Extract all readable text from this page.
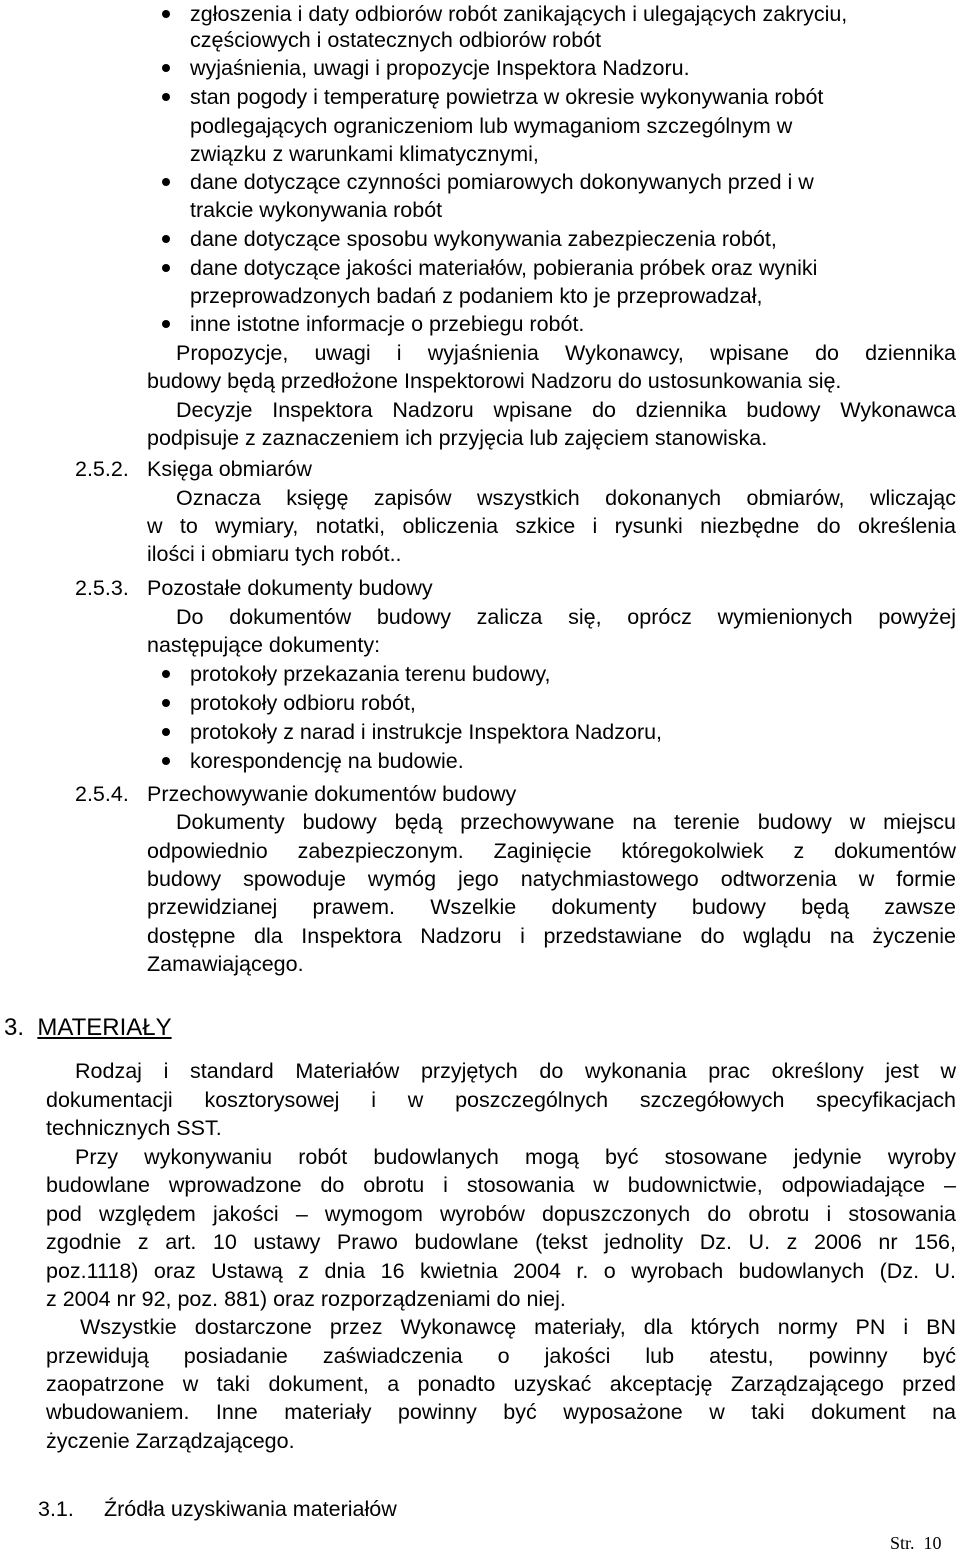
zgłoszenia i daty odbiorów robót zanikających i ulegających zakryciu,
częściowych i ostatecznych odbiorów robót
wyjaśnienia, uwagi i propozycje Inspektora Nadzoru.
stan pogody i temperaturę powietrza w okresie wykonywania robót
podlegających ograniczeniom lub wymaganiom szczególnym w
związku z warunkami klimatycznymi,
dane dotyczące czynności pomiarowych dokonywanych przed i w
trakcie wykonywania robót
dane dotyczące sposobu wykonywania zabezpieczenia robót,
dane dotyczące jakości materiałów, pobierania próbek oraz wyniki
przeprowadzonych badań z podaniem kto je przeprowadzał,
inne istotne informacje o przebiegu robót.
Propozycje, uwagi i wyjaśnienia Wykonawcy, wpisane do dziennika
budowy będą przedłożone Inspektorowi Nadzoru do ustosunkowania się.
Decyzje Inspektora Nadzoru wpisane do dziennika budowy Wykonawca
podpisuje z zaznaczeniem ich przyjęcia lub zajęciem stanowiska.
2.5.2. Księga obmiarów
Oznacza księgę zapisów wszystkich dokonanych obmiarów, wliczając
w to wymiary, notatki, obliczenia szkice i rysunki niezbędne do określenia
ilości i obmiaru tych robót..
2.5.3. Pozostałe dokumenty budowy
Do dokumentów budowy zalicza się, oprócz wymienionych powyżej
następujące dokumenty:
protokoły przekazania terenu budowy,
protokoły odbioru robót,
protokoły z narad i instrukcje Inspektora Nadzoru,
korespondencję na budowie.
2.5.4. Przechowywanie dokumentów budowy
Dokumenty budowy będą przechowywane na terenie budowy w miejscu
odpowiednio zabezpieczonym. Zaginięcie któregokolwiek z dokumentów
budowy spowoduje wymóg jego natychmiastowego odtworzenia w formie
przewidzianej prawem. Wszelkie dokumenty budowy będą zawsze
dostępne dla Inspektora Nadzoru i przedstawiane do wglądu na życzenie
Zamawiającego.
3. MATERIAŁY
Rodzaj i standard Materiałów przyjętych do wykonania prac określony jest w
dokumentacji kosztorysowej i w poszczególnych szczegółowych specyfikacjach
technicznych SST.
Przy wykonywaniu robót budowlanych mogą być stosowane jedynie wyroby
budowlane wprowadzone do obrotu i stosowania w budownictwie, odpowiadające –
pod względem jakości – wymogom wyrobów dopuszczonych do obrotu i stosowania
zgodnie z art. 10 ustawy Prawo budowlane (tekst jednolity Dz. U. z 2006 nr 156,
poz.1118) oraz Ustawą z dnia 16 kwietnia 2004 r. o wyrobach budowlanych (Dz. U.
z 2004 nr 92, poz. 881) oraz rozporządzeniami do niej.
Wszystkie dostarczone przez Wykonawcę materiały, dla których normy PN i BN
przewidują posiadanie zaświadczenia o jakości lub atestu, powinny być
zaopatrzone w taki dokument, a ponadto uzyskać akceptację Zarządzającego przed
wbudowaniem. Inne materiały powinny być wyposażone w taki dokument na
życzenie Zarządzającego.
3.1. Źródła uzyskiwania materiałów
Str. 10
